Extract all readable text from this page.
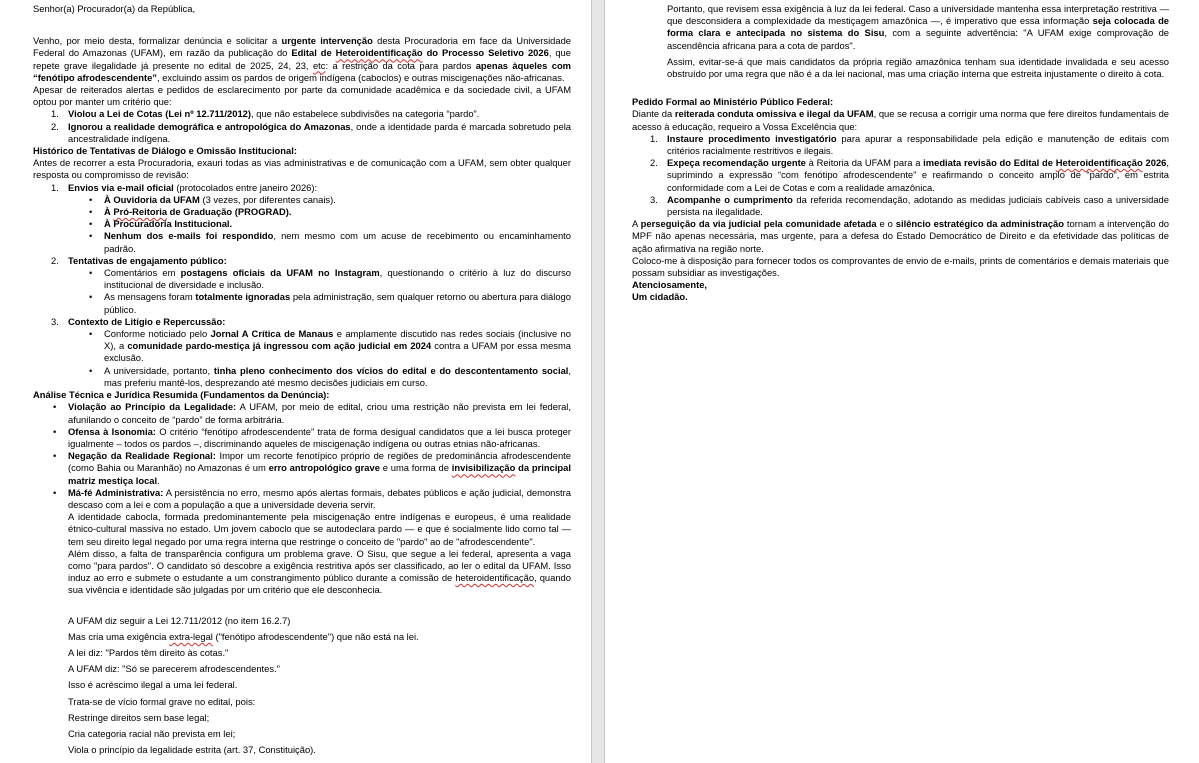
Senhor(a) Procurador(a) da República,

Venho, por meio desta, formalizar denúncia e solicitar a urgente intervenção desta Procuradoria em face da Universidade Federal do Amazonas (UFAM), em razão da publicação do Edital de Heteroidentificação do Processo Seletivo 2026, que repete grave ilegalidade já presente no edital de 2025, 24, 23, etc: a restrição da cota para pardos apenas àqueles com “fenótipo afrodescendente”, excluindo assim os pardos de origem indígena (caboclos) e outras miscigenações não-africanas.

Apesar de reiterados alertas e pedidos de esclarecimento por parte da comunidade acadêmica e da sociedade civil, a UFAM optou por manter um critério que:

1. Violou a Lei de Cotas (Lei nº 12.711/2012), que não estabelece subdivisões na categoria “pardo”.
2. Ignorou a realidade demográfica e antropológica do Amazonas, onde a identidade parda é marcada sobretudo pela ancestralidade indígena.

Histórico de Tentativas de Diálogo e Omissão Institucional:

Antes de recorrer a esta Procuradoria, exauri todas as vias administrativas e de comunicação com a UFAM, sem obter qualquer resposta ou compromisso de revisão:

1. Envios via e-mail oficial (protocolados entre janeiro 2026):
• À Ouvidoria da UFAM (3 vezes, por diferentes canais).
• À Pró-Reitoria de Graduação (PROGRAD).
• À Procuradoria Institucional.
• Nenhum dos e-mails foi respondido, nem mesmo com um acuse de recebimento ou encaminhamento padrão.
2. Tentativas de engajamento público:
• Comentários em postagens oficiais da UFAM no Instagram, questionando o critério à luz do discurso institucional de diversidade e inclusão.
• As mensagens foram totalmente ignoradas pela administração, sem qualquer retorno ou abertura para diálogo público.
3. Contexto de Litígio e Repercussão:
• Conforme noticiado pelo Jornal A Crítica de Manaus e amplamente discutido nas redes sociais (inclusive no X), a comunidade pardo-mestiça já ingressou com ação judicial em 2024 contra a UFAM por essa mesma exclusão.
• A universidade, portanto, tinha pleno conhecimento dos vícios do edital e do descontentamento social, mas preferiu mantê-los, desprezando até mesmo decisões judiciais em curso.

Análise Técnica e Jurídica Resumida (Fundamentos da Denúncia):

• Violação ao Princípio da Legalidade: A UFAM, por meio de edital, criou uma restrição não prevista em lei federal, afunilando o conceito de “pardo” de forma arbitrária.
• Ofensa à Isonomia: O critério “fenótipo afrodescendente” trata de forma desigual candidatos que a lei busca proteger igualmente – todos os pardos –, discriminando aqueles de miscigenação indígena ou outras etnias não-africanas.
• Negação da Realidade Regional: Impor um recorte fenotípico próprio de regiões de predominância afrodescendente (como Bahia ou Maranhão) no Amazonas é um erro antropológico grave e uma forma de invisibilização da principal matriz mestiça local.
• Má-fé Administrativa: A persistência no erro, mesmo após alertas formais, debates públicos e ação judicial, demonstra descaso com a lei e com a população a que a universidade deveria servir.

A identidade cabocla, formada predominantemente pela miscigenação entre indígenas e europeus, é uma realidade étnico-cultural massiva no estado. Um jovem caboclo que se autodeclara pardo — e que é socialmente lido como tal — tem seu direito legal negado por uma regra interna que restringe o conceito de "pardo" ao de "afrodescendente".

Além disso, a falta de transparência configura um problema grave. O Sisu, que segue a lei federal, apresenta a vaga como "para pardos". O candidato só descobre a exigência restritiva após ser classificado, ao ler o edital da UFAM. Isso induz ao erro e submete o estudante a um constrangimento público durante a comissão de heteroidentificação, quando sua vivência e identidade são julgadas por um critério que ele desconhecia.

A UFAM diz seguir a Lei 12.711/2012 (no item 16.2.7)

Mas cria uma exigência extra-legal ("fenótipo afrodescendente") que não está na lei.

A lei diz: "Pardos têm direito às cotas."

A UFAM diz: "Só se parecerem afrodescendentes."

Isso é acréscimo ilegal a uma lei federal.

Trata-se de vício formal grave no edital, pois:

Restringe direitos sem base legal;

Cria categoria racial não prevista em lei;

Viola o princípio da legalidade estrita (art. 37, Constituição).

Portanto, que revisem essa exigência à luz da lei federal. Caso a universidade mantenha essa interpretação restritiva — que desconsidera a complexidade da mestiçagem amazônica —, é imperativo que essa informação seja colocada de forma clara e antecipada no sistema do Sisu, com a seguinte advertência: "A UFAM exige comprovação de ascendência africana para a cota de pardos".

Assim, evitar-se-á que mais candidatos da própria região amazônica tenham sua identidade invalidada e seu acesso obstruído por uma regra que não é a da lei nacional, mas uma criação interna que estreita injustamente o direito à cota.

Pedido Formal ao Ministério Público Federal:

Diante da reiterada conduta omissiva e ilegal da UFAM, que se recusa a corrigir uma norma que fere direitos fundamentais de acesso à educação, requeiro a Vossa Excelência que:

1. Instaure procedimento investigatório para apurar a responsabilidade pela edição e manutenção de editais com critérios racialmente restritivos e ilegais.
2. Expeça recomendação urgente à Reitoria da UFAM para a imediata revisão do Edital de Heteroidentificação 2026, suprimindo a expressão “com fenótipo afrodescendente” e reafirmando o conceito amplo de “pardo”, em estrita conformidade com a Lei de Cotas e com a realidade amazônica.
3. Acompanhe o cumprimento da referida recomendação, adotando as medidas judiciais cabíveis caso a universidade persista na ilegalidade.

A perseguição da via judicial pela comunidade afetada e o silêncio estratégico da administração tornam a intervenção do MPF não apenas necessária, mas urgente, para a defesa do Estado Democrático de Direito e da efetividade das políticas de ação afirmativa na região norte.

Coloco-me à disposição para fornecer todos os comprovantes de envio de e-mails, prints de comentários e demais materiais que possam subsidiar as investigações.

Atenciosamente,

Um cidadão.
